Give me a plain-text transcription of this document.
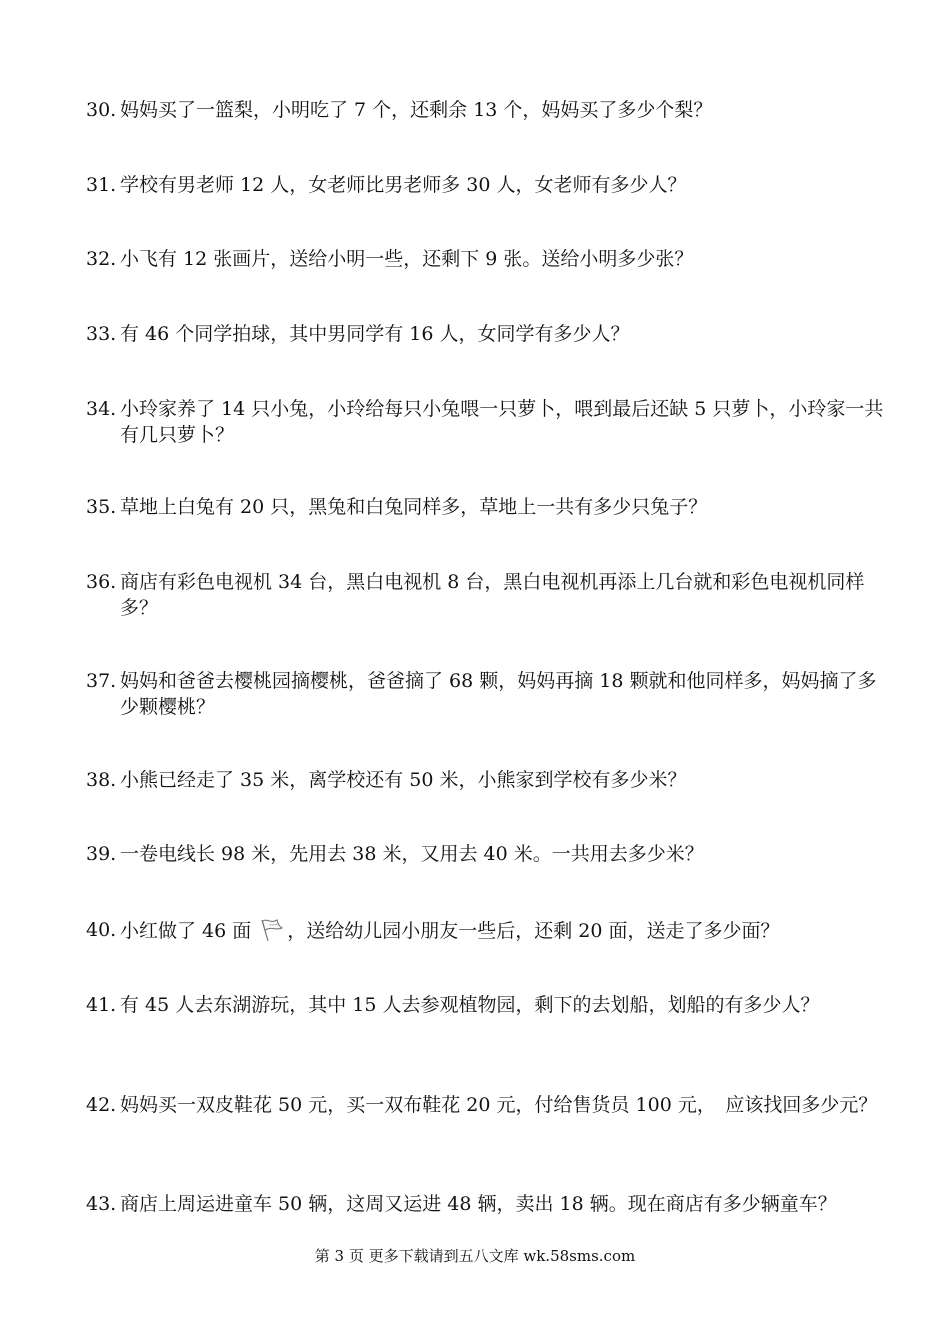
30. 妈妈买了一篮梨，小明吃了 7 个，还剩余 13 个，妈妈买了多少个梨？
31. 学校有男老师 12 人，女老师比男老师多 30 人，女老师有多少人？
32. 小飞有 12 张画片，送给小明一些，还剩下 9 张。送给小明多少张？
33. 有 46 个同学拍球，其中男同学有 16 人，女同学有多少人？
34. 小玲家养了 14 只小兔，小玲给每只小兔喂一只萝卜，喂到最后还缺 5 只萝卜，小玲家一共有几只萝卜？
35. 草地上白兔有 20 只，黑兔和白兔同样多，草地上一共有多少只兔子？
36. 商店有彩色电视机 34 台，黑白电视机 8 台，黑白电视机再添上几台就和彩色电视机同样多？
37. 妈妈和爸爸去樱桃园摘樱桃，爸爸摘了 68 颗，妈妈再摘 18 颗就和他同样多，妈妈摘了多少颗樱桃？
38. 小熊已经走了 35 米，离学校还有 50 米，小熊家到学校有多少米？
39. 一卷电线长 98 米，先用去 38 米，又用去 40 米。一共用去多少米？
40. 小红做了 46 面 ，送给幼儿园小朋友一些后，还剩 20 面，送走了多少面？
41. 有 45 人去东湖游玩，其中 15 人去参观植物园，剩下的去划船，划船的有多少人？
42. 妈妈买一双皮鞋花 50 元，买一双布鞋花 20 元，付给售货员 100 元，　应该找回多少元？
43. 商店上周运进童车 50 辆，这周又运进 48 辆，卖出 18 辆。现在商店有多少辆童车？
第 3 页 更多下载请到五八文库 wk.58sms.com
